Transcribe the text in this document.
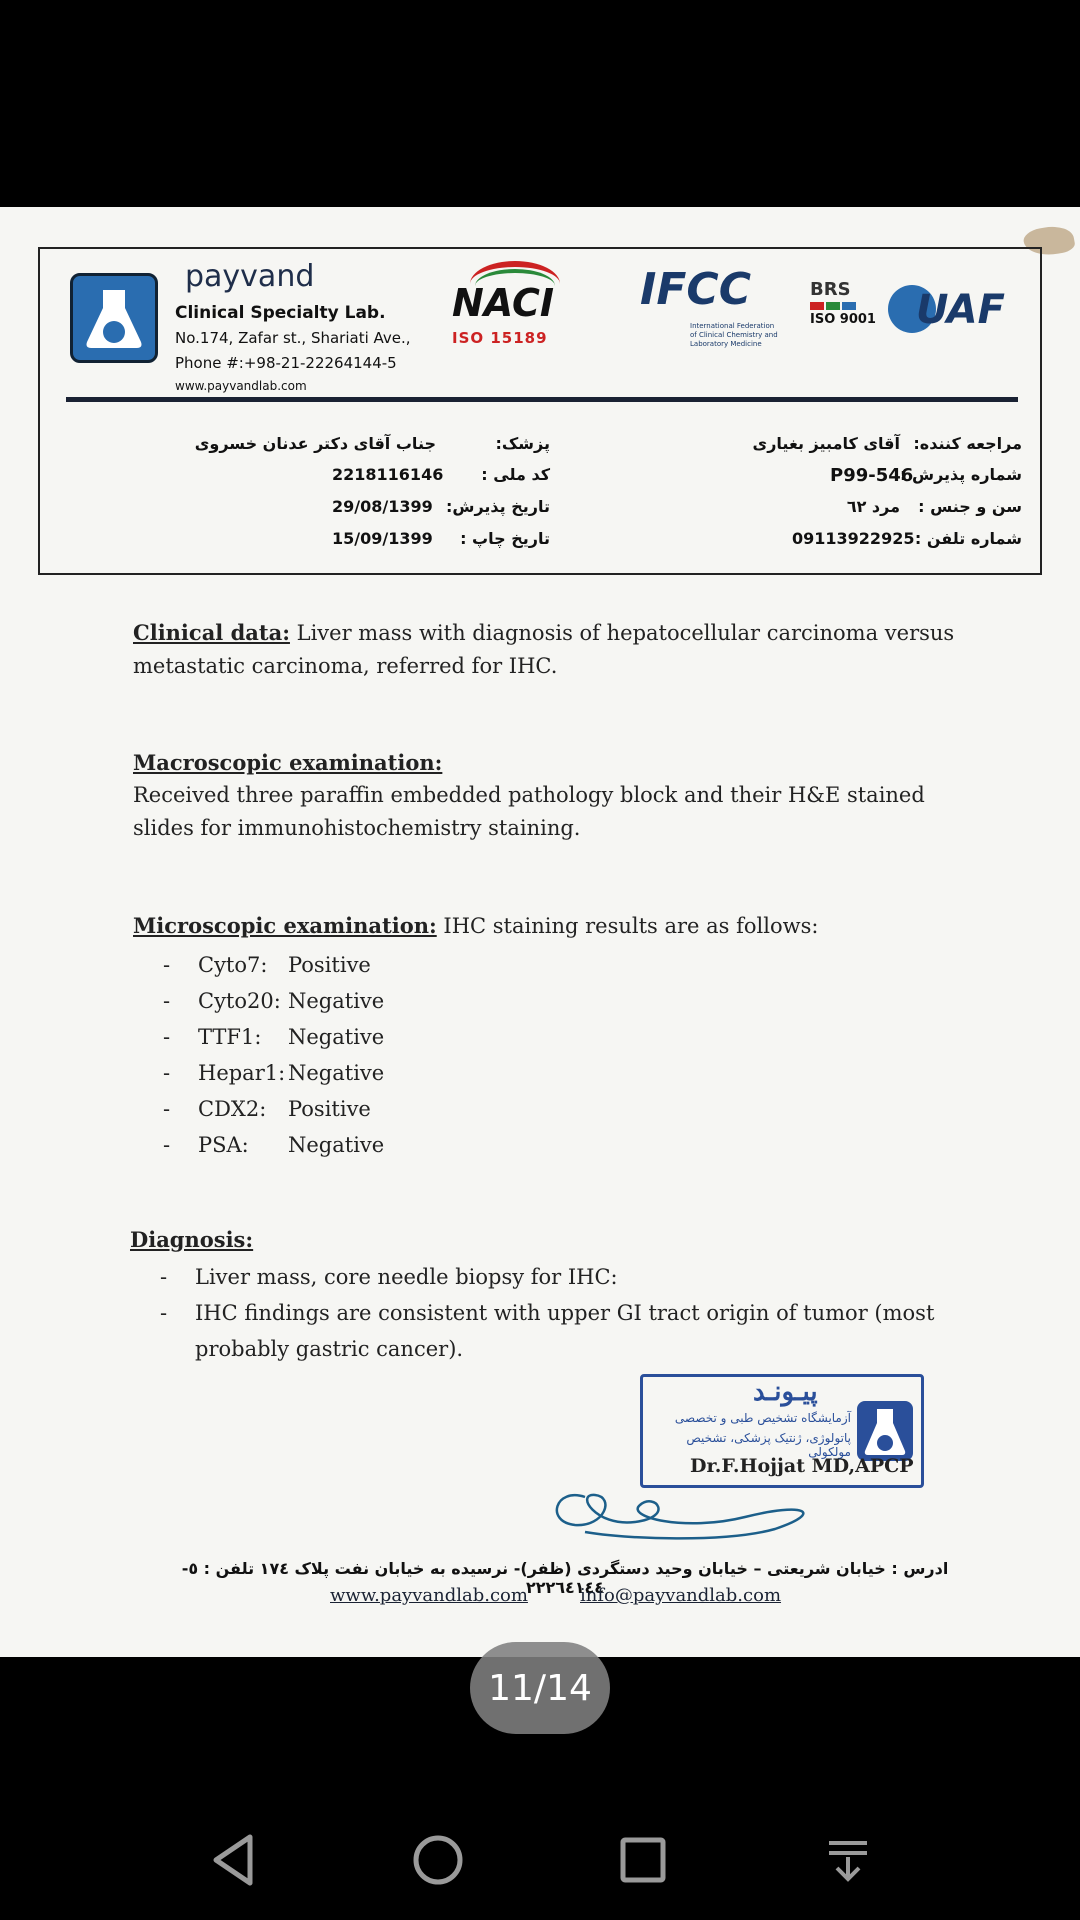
payvand
Clinical Specialty Lab.
No.174, Zafar st., Shariati Ave.,
Phone #:+98-21-22264144-5
www.payvandlab.com
NACI
ISO 15189
IFCC
International Federation of Clinical Chemistry and Laboratory Medicine
BRS
ISO 9001 UAF
مراجعه کننده:
آقای کامبیز بغیاری
شماره پذیرش :
P99-546
سن و جنس :
مرد ٦٢
شماره تلفن :
09113922925
پزشک:
جناب آقای دکتر عدنان خسروی
کد ملی :
2218116146
تاریخ پذیرش:
29/08/1399
تاریخ چاپ :
15/09/1399
Clinical data: Liver mass with diagnosis of hepatocellular carcinoma versus
metastatic carcinoma, referred for IHC.
Macroscopic examination:
Received three paraffin embedded pathology block and their H&E stained
slides for immunohistochemistry staining.
Microscopic examination: IHC staining results are as follows:
-	Cyto7: Positive
-	Cyto20: Negative
-	TTF1:	Negative
-	Hepar1: Negative
-	CDX2:	Positive
-	PSA:	Negative
Diagnosis:
-	Liver mass, core needle biopsy for IHC:
-	IHC findings are consistent with upper GI tract origin of tumor (most
probably gastric cancer).
پیـونـد
آزمایشگاه تشخیص طبی و تخصصی
پاتولوژی، ژنتیک پزشکی، تشخیص مولکولی
Dr.F.Hojjat MD,APCP
ادرس : خیابان شریعتی – خیابان وحید دستگردی (ظفر)- نرسیده به خیابان نفت پلاک ١٧٤ تلفن : ٥- ٢٢٢٦٤١٤٤
www.payvandlab.com	info@payvandlab.com
11/14
